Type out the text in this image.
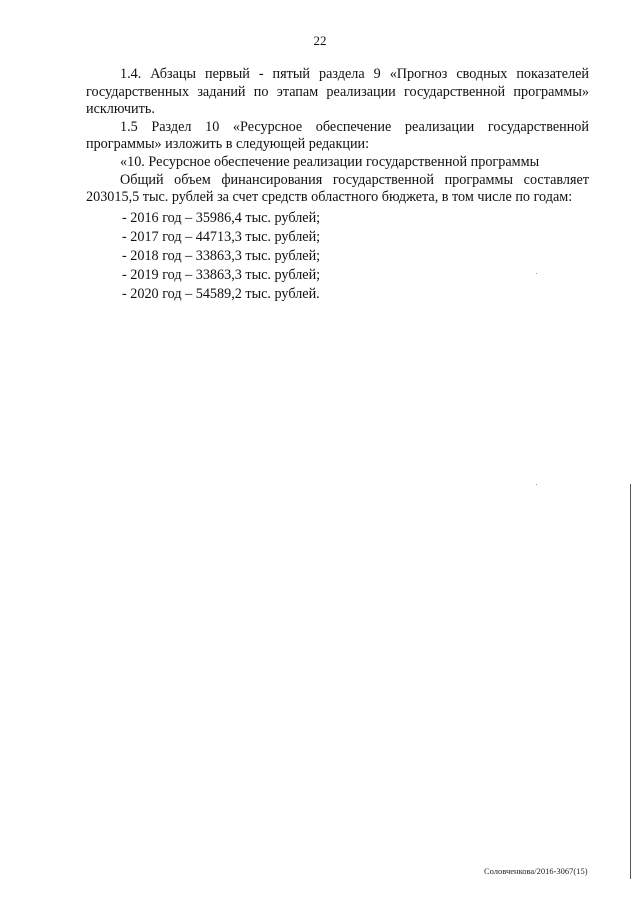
22

1.4. Абзацы первый - пятый раздела 9 «Прогноз сводных показателей государственных заданий по этапам реализации государственной программы» исключить.

1.5 Раздел 10 «Ресурсное обеспечение реализации государственной программы» изложить в следующей редакции:

«10. Ресурсное обеспечение реализации государственной программы

Общий объем финансирования государственной программы составляет 203015,5 тыс. рублей за счет средств областного бюджета, в том числе по годам:

- 2016 год – 35986,4 тыс. рублей;

- 2017 год – 44713,3 тыс. рублей;

- 2018 год – 33863,3 тыс. рублей;

- 2019 год – 33863,3 тыс. рублей;

- 2020 год – 54589,2 тыс. рублей.

Соловченкова/2016-3067(15)
